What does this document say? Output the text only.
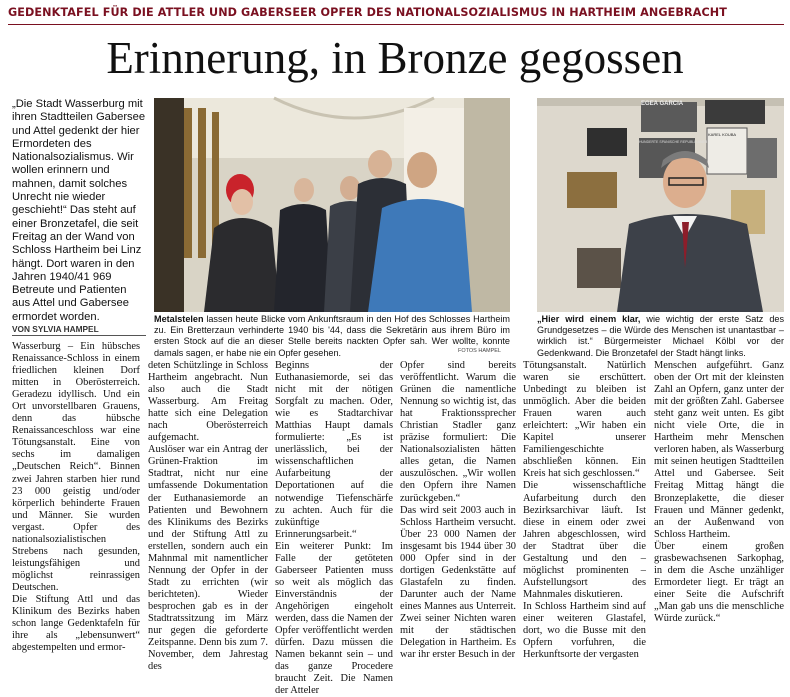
GEDENKTAFEL FÜR DIE ATTLER UND GABERSEER OPFER DES NATIONALSOZIALISMUS IN HARTHEIM ANGEBRACHT
Erinnerung, in Bronze gegossen

„Die Stadt Wasserburg mit ihren Stadtteilen Gabersee und Attel gedenkt der hier Ermordeten des Nationalsozialismus. Wir wollen erinnern und mahnen, damit solches Unrecht nie wieder geschieht!“ Das steht auf einer Bronzetafel, die seit Freitag an der Wand von Schloss Hartheim bei Linz hängt. Dort waren in den Jahren 1940/41 969 Betreute und Patienten aus Attel und Gabersee ermordet worden.

VON SYLVIA HAMPEL
Metalstelen lassen heute Blicke vom Ankunftsraum in den Hof des Schlosses Hartheim zu. Ein Bretterzaun verhinderte 1940 bis '44, dass die Sekretärin aus ihrem Büro im ersten Stock auf die an dieser Stelle bereits nackten Opfer sah. Wer wollte, konnte damals sagen, er habe nie ein Opfer gesehen.	FOTOS HAMPEL
EGEA GARCIA
HUNDERTE SPANISCHE REPUBLIKANER
KAREL KOUBA
„Hier wird einem klar, wie wichtig der erste Satz des Grundgesetzes – die Würde des Menschen ist unantastbar – wirklich ist.“ Bürgermeister Michael Kölbl vor der Gedenkwand. Die Bronzetafel der Stadt hängt links.

Wasserburg – Ein hübsches Renaissance-Schloss in einem friedlichen kleinen Dorf mitten in Oberösterreich. Geradezu idyllisch. Und ein Ort unvorstellbaren Grauens, denn das hübsche Renaissanceschloss war eine Tötungsanstalt. Eine von sechs im damaligen „Deutschen Reich“. Binnen zwei Jahren starben hier rund 23 000 geistig und/oder körperlich behinderte Frauen und Männer. Sie wurden vergast. Opfer des nationalsozialistischen Strebens nach gesunden, leistungsfähigen und möglichst reinrassigen Deutschen.
Die Stiftung Attl und das Klinikum des Bezirks haben schon lange Gedenktafeln für ihre als „lebensunwert“ abgestempelten und ermor-

deten Schützlinge in Schloss Hartheim angebracht. Nun also auch die Stadt Wasserburg. Am Freitag hatte sich eine Delegation nach Oberösterreich aufgemacht.
Auslöser war ein Antrag der Grünen-Fraktion im Stadtrat, nicht nur eine umfassende Dokumentation der Euthanasiemorde an Patienten und Bewohnern des Klinikums des Bezirks und der Stiftung Attl zu erstellen, sondern auch ein Mahnmal mit namentlicher Nennung der Opfer in der Stadt zu errichten (wir berichteten). Wieder besprochen gab es in der Stadtratssitzung im März nur gegen die geforderte Zeitspanne. Denn bis zum 7. November, dem Jahrestag des

Beginns der Euthanasiemorde, sei das nicht mit der nötigen Sorgfalt zu machen. Oder, wie es Stadtarchivar Matthias Haupt damals formulierte: „Es ist unerlässlich, bei der wissenschaftlichen Aufarbeitung der Deportationen auf die notwendige Tiefenschärfe zu achten. Auch für die zukünftige Erinnerungsarbeit.“
Ein weiterer Punkt: Im Falle der getöteten Gaberseer Patienten muss so weit als möglich das Einverständnis der Angehörigen eingeholt werden, dass die Namen der Opfer veröffentlicht werden dürfen. Dazu müssen die Namen bekannt sein – und das ganze Procedere braucht Zeit. Die Namen der Atteler

Opfer sind bereits veröffentlicht. Warum die Grünen die namentliche Nennung so wichtig ist, das hat Fraktionssprecher Christian Stadler ganz präzise formuliert: Die Nationalsozialisten hätten alles getan, die Namen auszulöschen. „Wir wollen den Opfern ihre Namen zurückgeben.“
Das wird seit 2003 auch in Schloss Hartheim versucht. Über 23 000 Namen der insgesamt bis 1944 über 30 000 Opfer sind in der dortigen Gedenkstätte auf Glastafeln zu finden. Darunter auch der Name eines Mannes aus Unterreit. Zwei seiner Nichten waren mit der städtischen Delegation in Hartheim. Es war ihr erster Besuch in der

Tötungsanstalt. Natürlich waren sie erschüttert. Unbedingt zu bleiben ist unmöglich. Aber die beiden Frauen waren auch erleichtert: „Wir haben ein Kapitel unserer Familiengeschichte abschließen können. Ein Kreis hat sich geschlossen.“
Die wissenschaftliche Aufarbeitung durch den Bezirksarchivar läuft. Ist diese in einem oder zwei Jahren abgeschlossen, wird der Stadtrat über die Gestaltung und den – möglichst prominenten – Aufstellungsort des Mahnmales diskutieren.
In Schloss Hartheim sind auf einer weiteren Glastafel, dort, wo die Busse mit den Opfern vorfuhren, die Herkunftsorte der vergasten

Menschen aufgeführt. Ganz oben der Ort mit der kleinsten Zahl an Opfern, ganz unter der mit der größten Zahl. Gabersee steht ganz weit unten. Es gibt nicht viele Orte, die in Hartheim mehr Menschen verloren haben, als Wasserburg mit seinen heutigen Stadtteilen Attel und Gabersee. Seit Freitag Mittag hängt die Bronzeplakette, die dieser Frauen und Männer gedenkt, an der Außenwand von Schloss Hartheim.
Über einem großen grasbewachsenen Sarkophag, in dem die Asche unzähliger Ermordeter liegt. Er trägt an einer Seite die Aufschrift „Man gab uns die menschliche Würde zurück.“
